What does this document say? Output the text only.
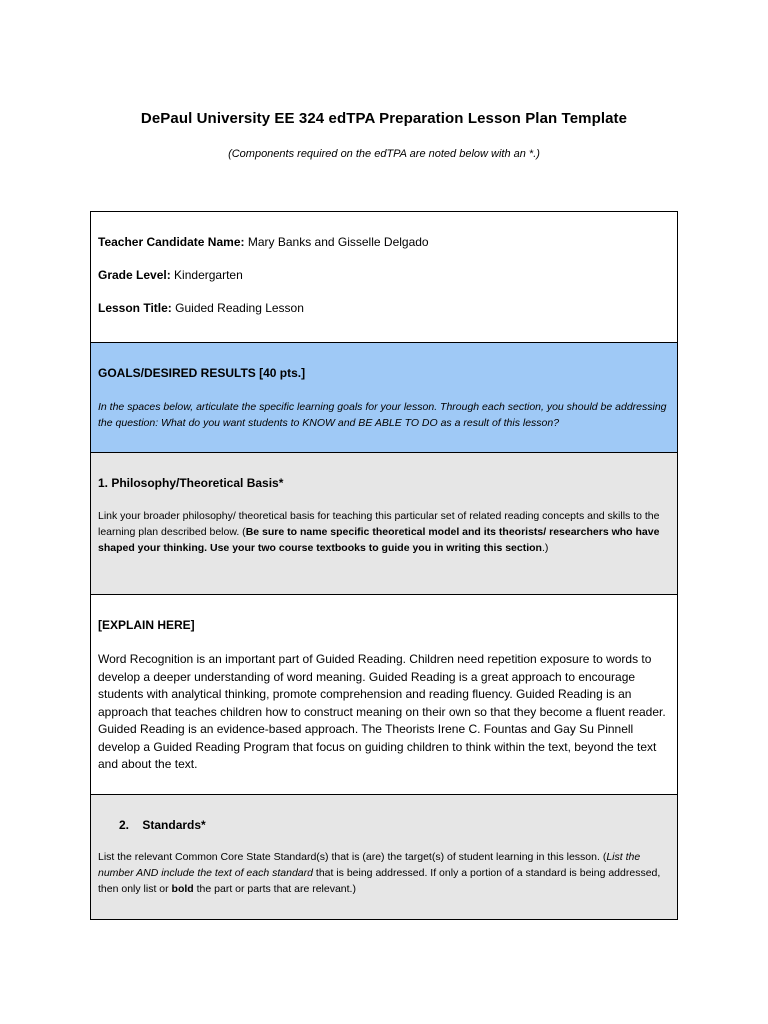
DePaul University EE 324 edTPA Preparation Lesson Plan Template
(Components required on the edTPA are noted below with an *.)
Teacher Candidate Name: Mary Banks and Gisselle Delgado
Grade Level: Kindergarten
Lesson Title: Guided Reading Lesson
GOALS/DESIRED RESULTS [40 pts.]
In the spaces below, articulate the specific learning goals for your lesson. Through each section, you should be addressing the question: What do you want students to KNOW and BE ABLE TO DO as a result of this lesson?
1. Philosophy/Theoretical Basis*
Link your broader philosophy/ theoretical basis for teaching this particular set of related reading concepts and skills to the learning plan described below. (Be sure to name specific theoretical model and its theorists/ researchers who have shaped your thinking. Use your two course textbooks to guide you in writing this section.)
[EXPLAIN HERE]
Word Recognition is an important part of Guided Reading. Children need repetition exposure to words to develop a deeper understanding of word meaning. Guided Reading is a great approach to encourage students with analytical thinking, promote comprehension and reading fluency. Guided Reading is an approach that teaches children how to construct meaning on their own so that they become a fluent reader. Guided Reading is an evidence-based approach. The Theorists Irene C. Fountas and Gay Su Pinnell develop a Guided Reading Program that focus on guiding children to think within the text, beyond the text and about the text.
2. Standards*
List the relevant Common Core State Standard(s) that is (are) the target(s) of student learning in this lesson. (List the number AND include the text of each standard that is being addressed. If only a portion of a standard is being addressed, then only list or bold the part or parts that are relevant.)
